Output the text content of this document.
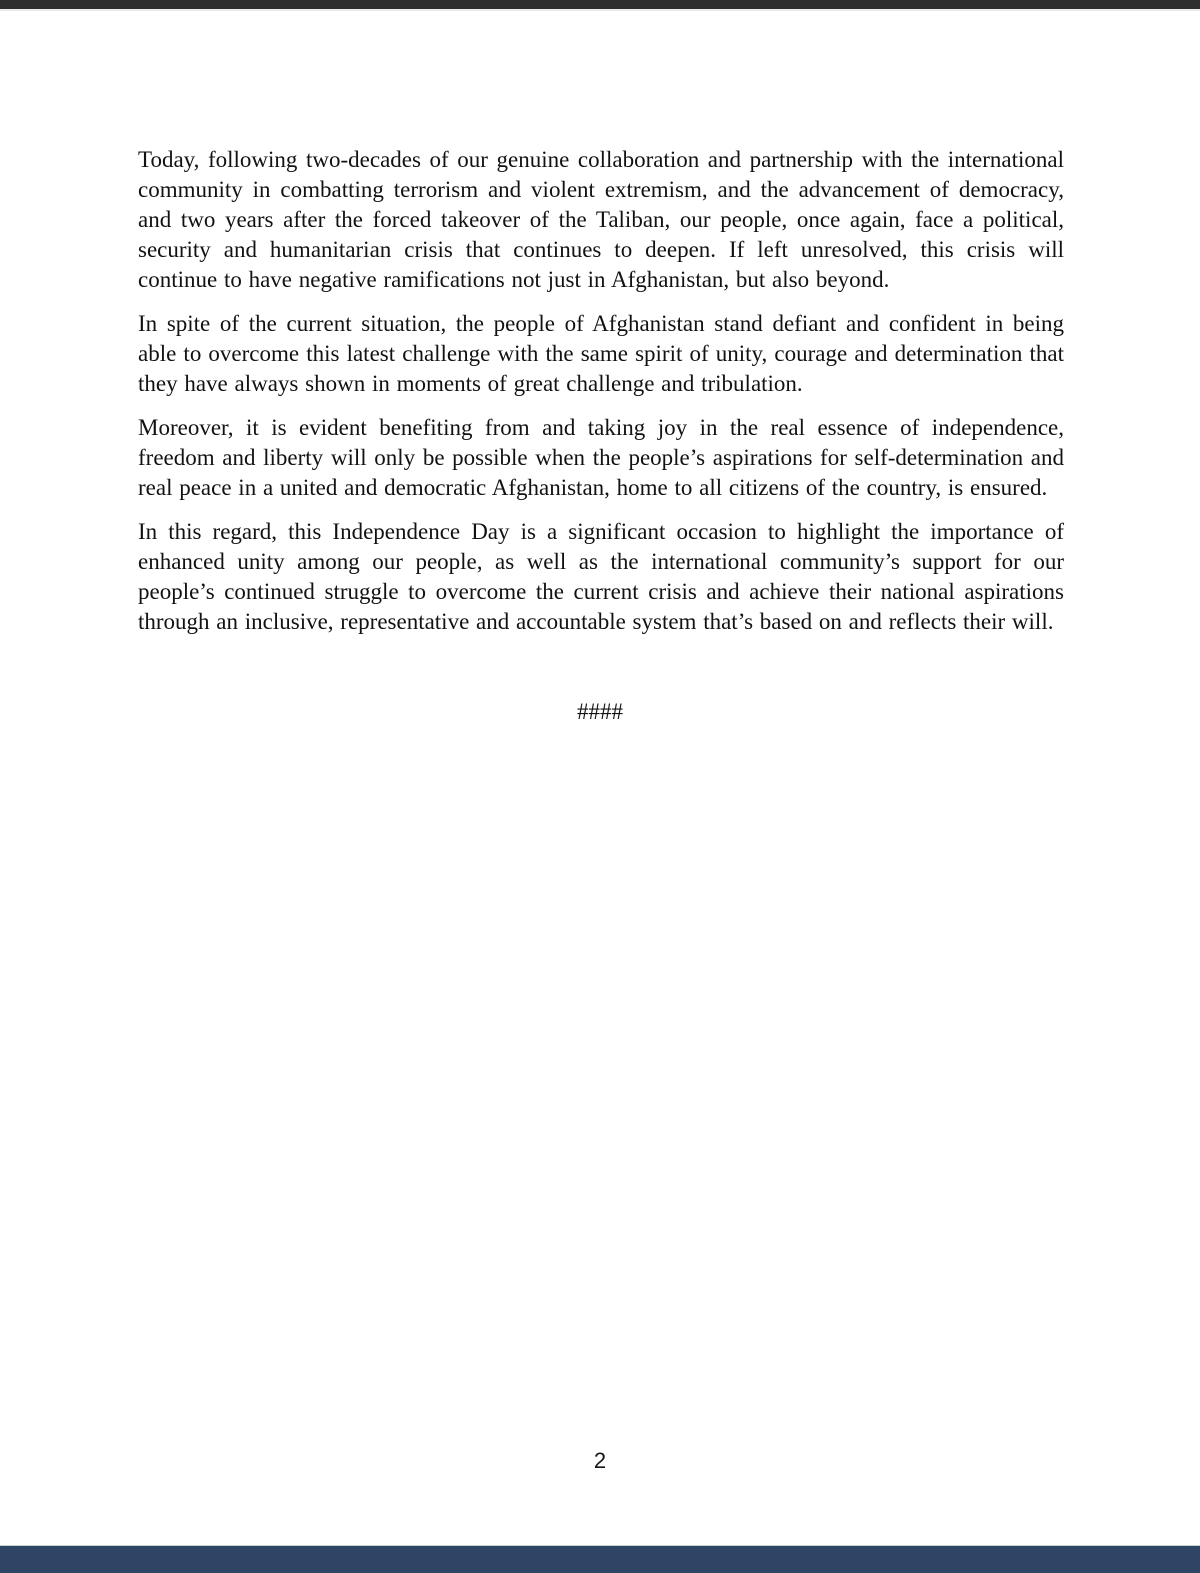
Today, following two-decades of our genuine collaboration and partnership with the international community in combatting terrorism and violent extremism, and the advancement of democracy, and two years after the forced takeover of the Taliban, our people, once again, face a political, security and humanitarian crisis that continues to deepen. If left unresolved, this crisis will continue to have negative ramifications not just in Afghanistan, but also beyond.

In spite of the current situation, the people of Afghanistan stand defiant and confident in being able to overcome this latest challenge with the same spirit of unity, courage and determination that they have always shown in moments of great challenge and tribulation.

Moreover, it is evident benefiting from and taking joy in the real essence of independence, freedom and liberty will only be possible when the people’s aspirations for self-determination and real peace in a united and democratic Afghanistan, home to all citizens of the country, is ensured.

In this regard, this Independence Day is a significant occasion to highlight the importance of enhanced unity among our people, as well as the international community’s support for our people’s continued struggle to overcome the current crisis and achieve their national aspirations through an inclusive, representative and accountable system that’s based on and reflects their will.

####
2
